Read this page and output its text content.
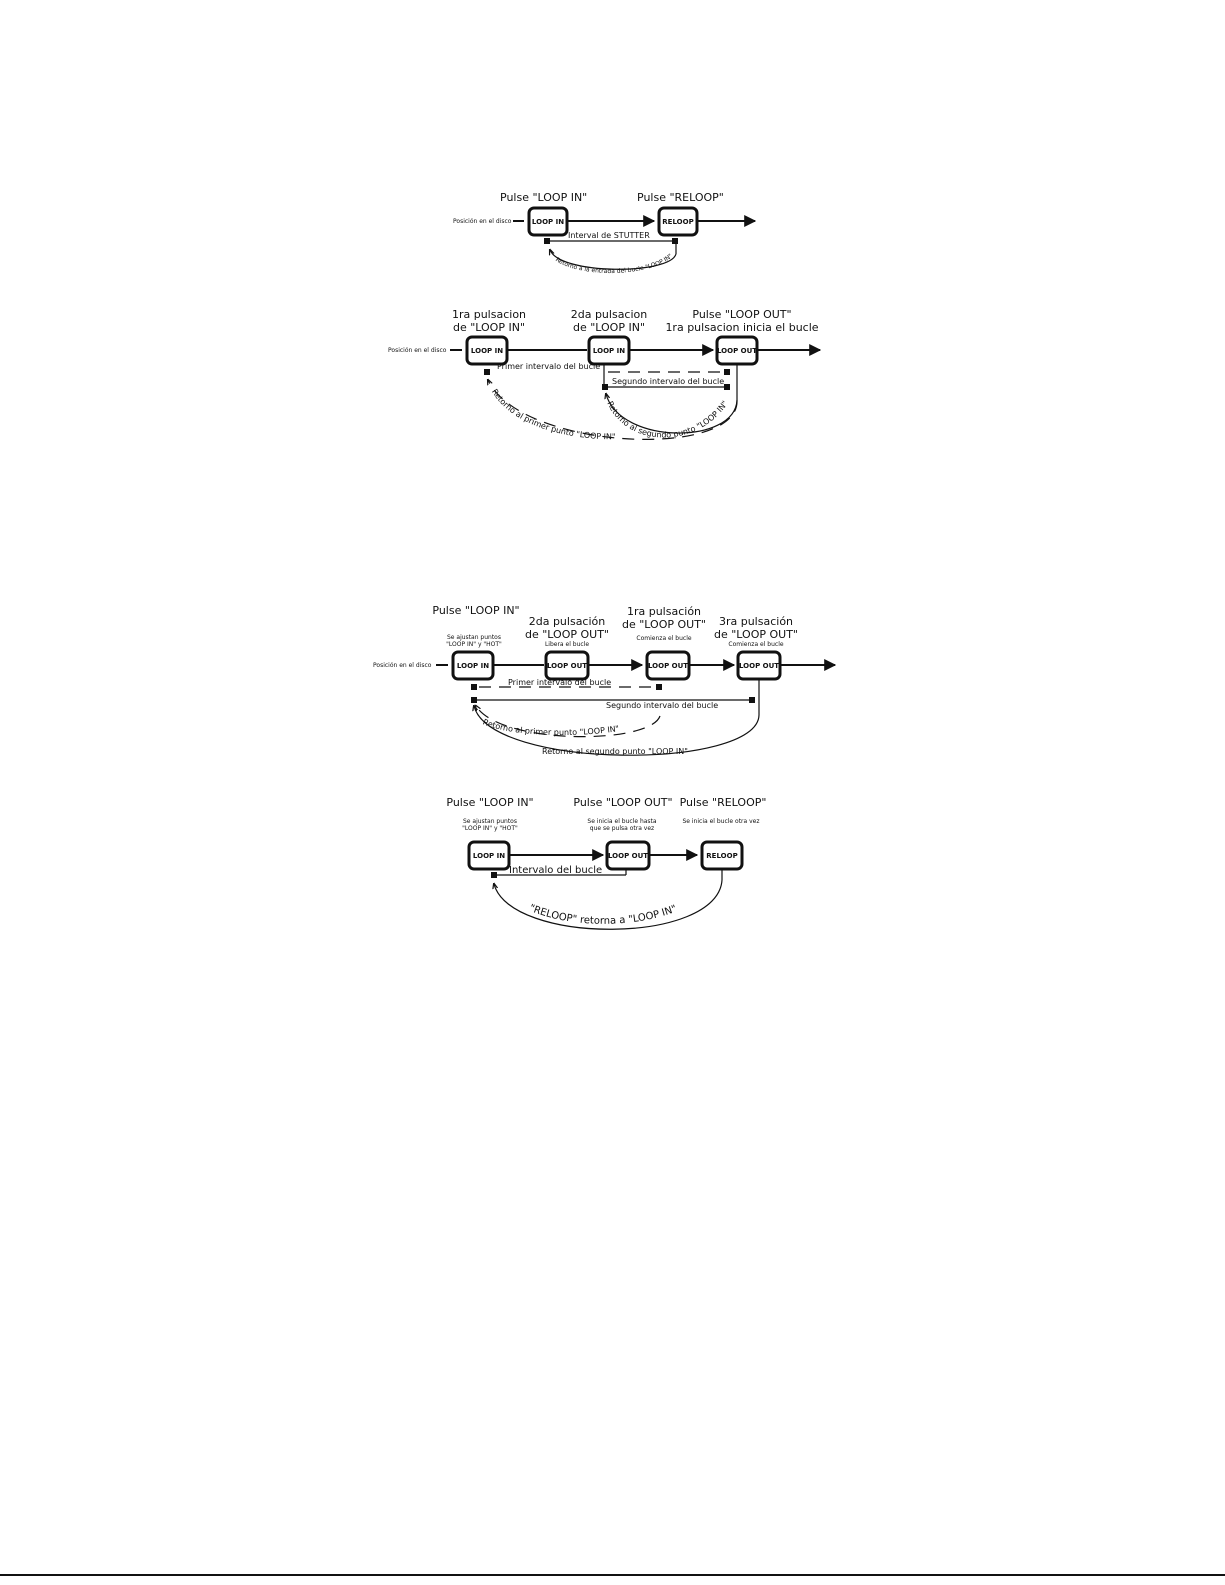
Pulse "LOOP IN"	Pulse "RELOOP"
Posición en el disco	LOOP IN	RELOOP
Interval de STUTTER
Retorno a la entrada del bucle "LOOP IN"
1ra pulsacion
de "LOOP IN"
2da pulsacion
de "LOOP IN"
Pulse "LOOP OUT"
1ra pulsacion inicia el bucle
Posición en el disco	LOOP IN	LOOP IN	LOOP OUT
Primer intervalo del bucle
Segundo intervalo del bucle
Retorno al primer punto "LOOP IN"
Retorno al segundo punto "LOOP IN"
Pulse "LOOP IN"
Se ajustan puntos
"LOOP IN" y "HOT"
2da pulsación
de "LOOP OUT"
Libera el bucle
1ra pulsación
de "LOOP OUT"
Comienza el bucle
3ra pulsación
de "LOOP OUT"
Comienza el bucle
Posición en el disco	LOOP IN	LOOP OUT	LOOP OUT	LOOP OUT
Primer intervalo del bucle
Segundo intervalo del bucle
Retorno al primer punto "LOOP IN"
Retorno al segundo punto "LOOP IN"
Pulse "LOOP IN"
Se ajustan puntos
"LOOP IN" y "HOT"
Pulse "LOOP OUT"
Se inicia el bucle hasta
que se pulsa otra vez
Pulse "RELOOP"
Se inicia el bucle otra vez
LOOP IN	LOOP OUT	RELOOP
Intervalo del bucle
"RELOOP" retorna a "LOOP IN"
